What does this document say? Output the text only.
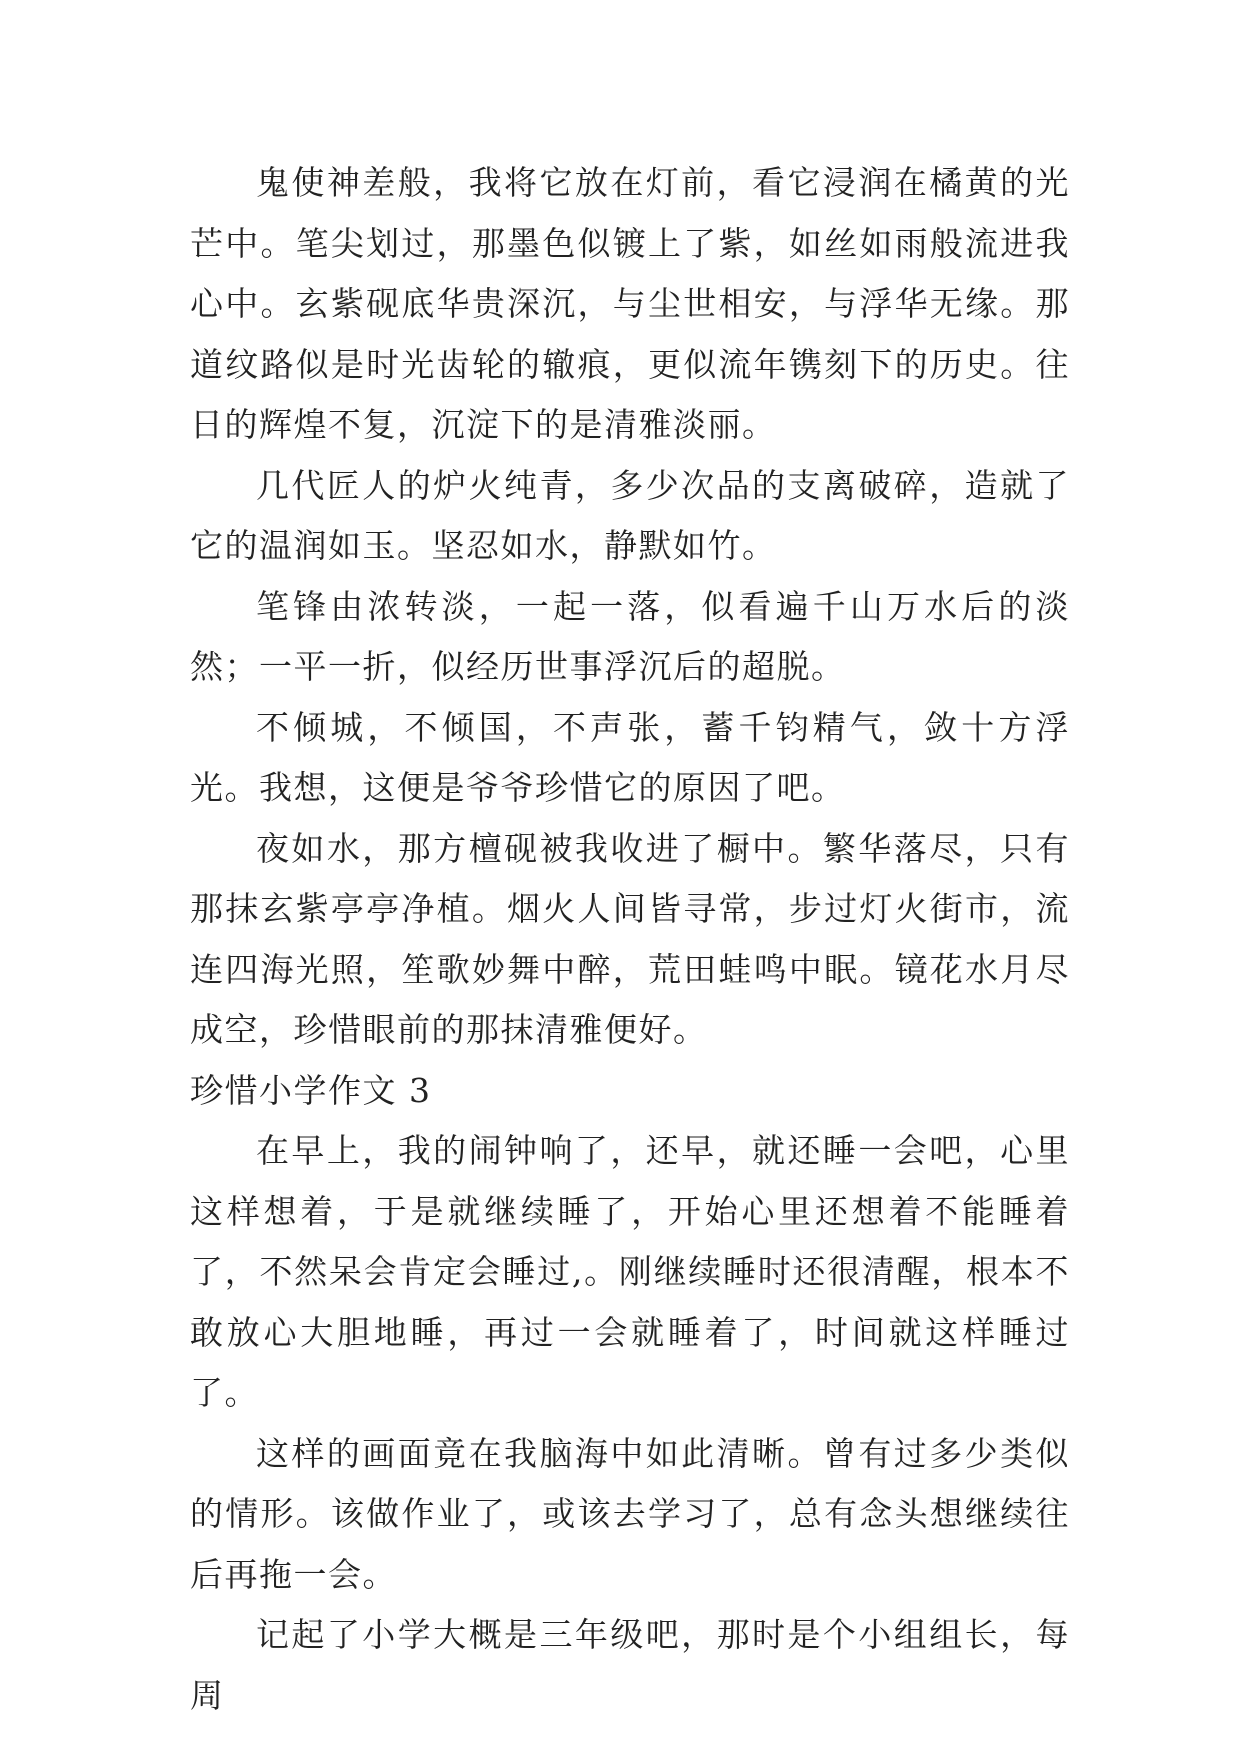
鬼使神差般，我将它放在灯前，看它浸润在橘黄的光芒中。笔尖划过，那墨色似镀上了紫，如丝如雨般流进我心中。玄紫砚底华贵深沉，与尘世相安，与浮华无缘。那道纹路似是时光齿轮的辙痕，更似流年镌刻下的历史。往日的辉煌不复，沉淀下的是清雅淡丽。

几代匠人的炉火纯青，多少次品的支离破碎，造就了它的温润如玉。坚忍如水，静默如竹。

笔锋由浓转淡，一起一落，似看遍千山万水后的淡然；一平一折，似经历世事浮沉后的超脱。

不倾城，不倾国，不声张，蓄千钧精气，敛十方浮光。我想，这便是爷爷珍惜它的原因了吧。

夜如水，那方檀砚被我收进了橱中。繁华落尽，只有那抹玄紫亭亭净植。烟火人间皆寻常，步过灯火街市，流连四海光照，笙歌妙舞中醉，荒田蛙鸣中眠。镜花水月尽成空，珍惜眼前的那抹清雅便好。

珍惜小学作文 3

在早上，我的闹钟响了，还早，就还睡一会吧，心里这样想着，于是就继续睡了，开始心里还想着不能睡着了，不然呆会肯定会睡过,。刚继续睡时还很清醒，根本不敢放心大胆地睡，再过一会就睡着了，时间就这样睡过了。

这样的画面竟在我脑海中如此清晰。曾有过多少类似的情形。该做作业了，或该去学习了，总有念头想继续往后再拖一会。

记起了小学大概是三年级吧，那时是个小组组长，每周
